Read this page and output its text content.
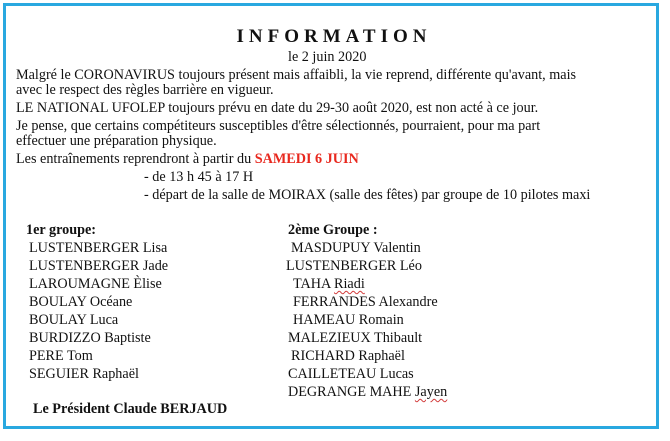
INFORMATION
le 2 juin 2020
Malgré le CORONAVIRUS toujours présent mais affaibli, la vie reprend, différente qu'avant, mais
avec le respect des règles barrière en vigueur.
LE NATIONAL UFOLEP toujours prévu en date du 29-30 août 2020, est non acté à ce jour.
Je pense, que certains compétiteurs susceptibles d'être sélectionnés, pourraient, pour ma part
effectuer une préparation physique.
Les entraînements reprendront à partir du SAMEDI 6 JUIN
- de 13 h 45 à 17 H
- départ de la salle de MOIRAX (salle des fêtes) par groupe de 10 pilotes maxi
1er groupe:
LUSTENBERGER Lisa
LUSTENBERGER Jade
LAROUMAGNE Èlise
BOULAY Océane
BOULAY Luca
BURDIZZO Baptiste
PERE Tom
SEGUIER Raphaël
2ème Groupe :
MASDUPUY Valentin
LUSTENBERGER Léo
TAHA Riadi
FERRANDES Alexandre
HAMEAU Romain
MALEZIEUX Thibault
RICHARD Raphaël
CAILLETEAU Lucas
DEGRANGE MAHE Jayen
Le Président Claude BERJAUD
